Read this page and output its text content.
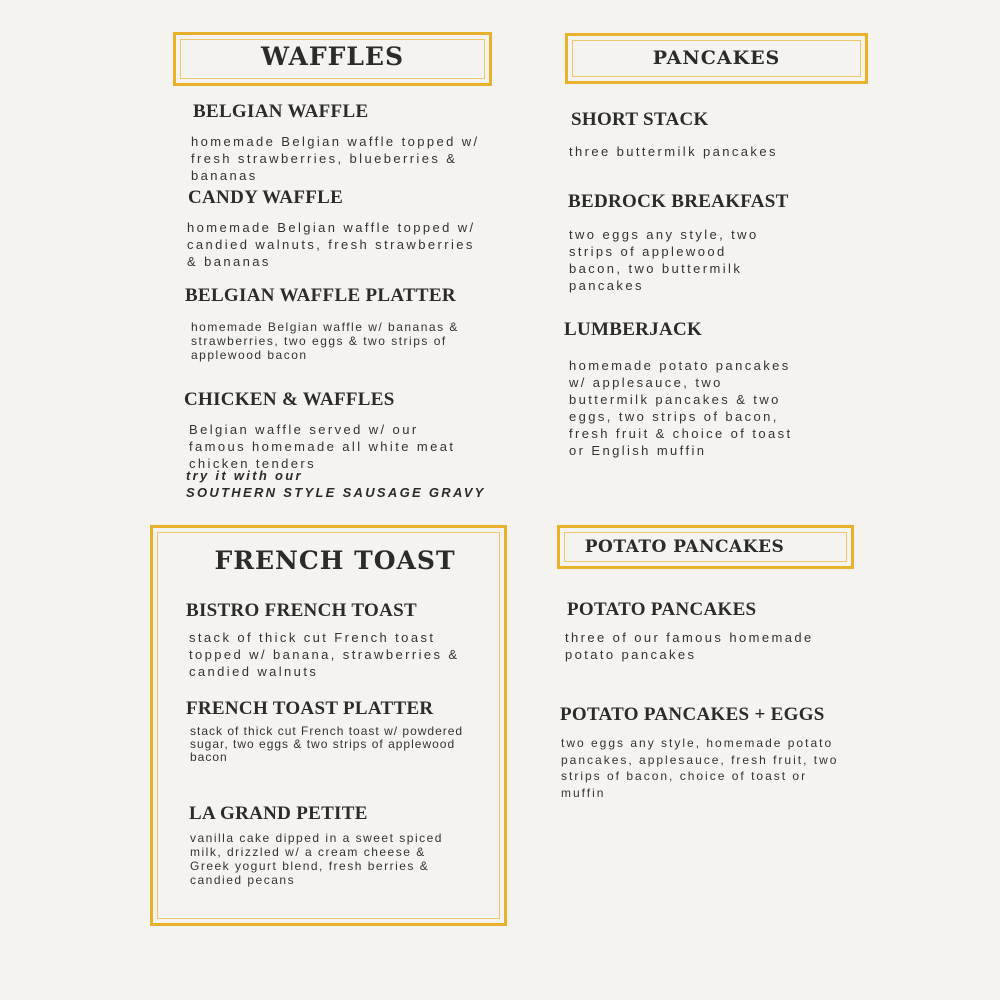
WAFFLES
BELGIAN WAFFLE

homemade Belgian waffle topped w/ fresh strawberries, blueberries & bananas

CANDY WAFFLE

homemade Belgian waffle topped w/ candied walnuts, fresh strawberries & bananas

BELGIAN WAFFLE PLATTER

homemade Belgian waffle w/ bananas & strawberries, two eggs & two strips of applewood bacon

CHICKEN & WAFFLES

Belgian waffle served w/ our famous homemade all white meat chicken tenders

try it with our
SOUTHERN STYLE SAUSAGE GRAVY
PANCAKES
SHORT STACK

three buttermilk pancakes

BEDROCK BREAKFAST

two eggs any style, two strips of applewood bacon, two buttermilk pancakes

LUMBERJACK

homemade potato pancakes w/ applesauce, two buttermilk pancakes & two eggs, two strips of bacon, fresh fruit & choice of toast or English muffin

FRENCH TOAST
BISTRO FRENCH TOAST

stack of thick cut French toast topped w/ banana, strawberries & candied walnuts

FRENCH TOAST PLATTER

stack of thick cut French toast w/ powdered sugar, two eggs & two strips of applewood bacon

LA GRAND PETITE

vanilla cake dipped in a sweet spiced milk, drizzled w/ a cream cheese & Greek yogurt blend, fresh berries & candied pecans

POTATO PANCAKES
POTATO PANCAKES

three of our famous homemade potato pancakes

POTATO PANCAKES + EGGS

two eggs any style, homemade potato pancakes, applesauce, fresh fruit, two strips of bacon, choice of toast or muffin
